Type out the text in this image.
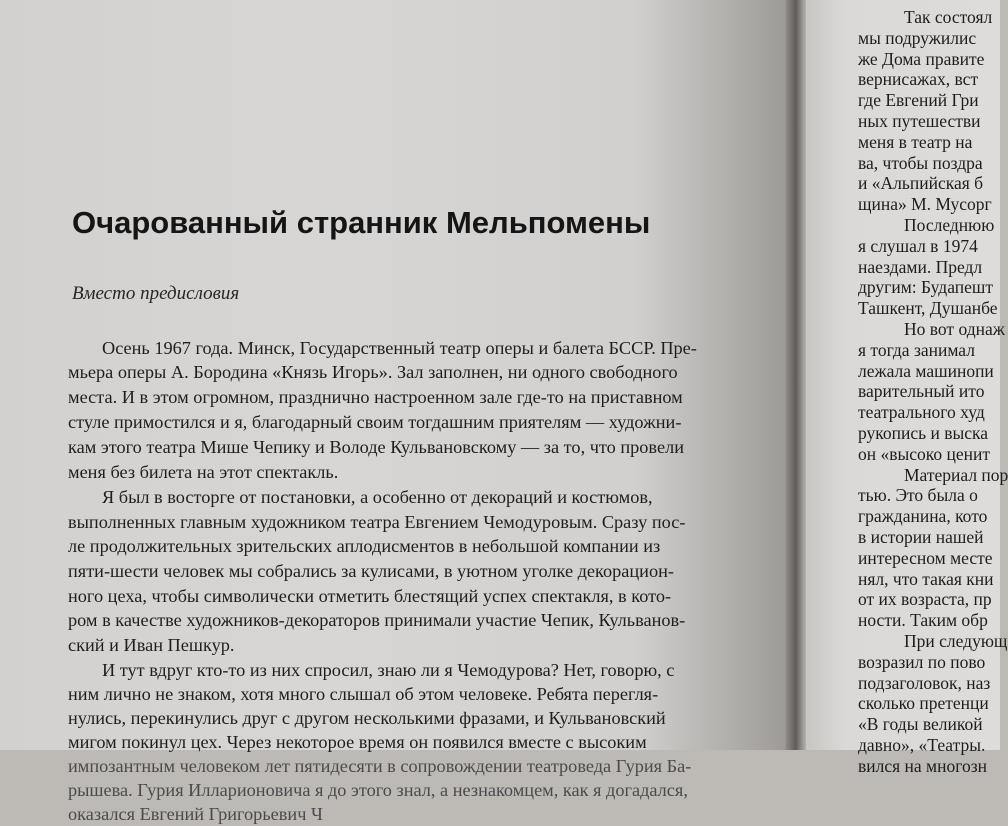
Очарованный странник Мельпомены
Вместо предисловия
Осень 1967 года. Минск, Государственный театр оперы и балета БССР. Пре-
мьера оперы А. Бородина «Князь Игорь». Зал заполнен, ни одного свободного
места. И в этом огромном, празднично настроенном зале где-то на приставном
стуле примостился и я, благодарный своим тогдашним приятелям — художни-
кам этого театра Мише Чепику и Володе Кульвановскому — за то, что провели
меня без билета на этот спектакль.
Я был в восторге от постановки, а особенно от декораций и костюмов,
выполненных главным художником театра Евгением Чемодуровым. Сразу пос-
ле продолжительных зрительских аплодисментов в небольшой компании из
пяти-шести человек мы собрались за кулисами, в уютном уголке декорацион-
ного цеха, чтобы символически отметить блестящий успех спектакля, в кото-
ром в качестве художников-декораторов принимали участие Чепик, Кульванов-
ский и Иван Пешкур.
И тут вдруг кто-то из них спросил, знаю ли я Чемодурова? Нет, говорю, с
ним лично не знаком, хотя много слышал об этом человеке. Ребята перегля-
нулись, перекинулись друг с другом несколькими фразами, и Кульвановский
мигом покинул цех. Через некоторое время он появился вместе с высоким
импозантным человеком лет пятидесяти в сопровождении театроведа Гурия Ба-
рышева. Гурия Илларионовича я до этого знал, а незнакомцем, как я догадался,
оказался Евгений Григорьевич Ч
Так состоял
мы подружилис
же Дома правите
вернисажах, вст
где Евгений Гри
ных путешестви
меня в театр на
ва, чтобы поздра
и «Альпийская б
щина» М. Мусорг
Последнюю
я слушал в 1974
наездами. Предл
другим: Будапешт
Ташкент, Душанбе
Но вот однаж
я тогда занимал
лежала машинопи
варительный ито
театрального худ
рукопись и выска
он «высоко ценит
Материал пор
тью. Это была о
гражданина, кото
в истории нашей
интересном месте
нял, что такая кни
от их возраста, пр
ности. Таким обр
При следующ
возразил по пово
подзаголовок, наз
сколько претенци
«В годы великой
давно», «Театры.
вился на многозн
